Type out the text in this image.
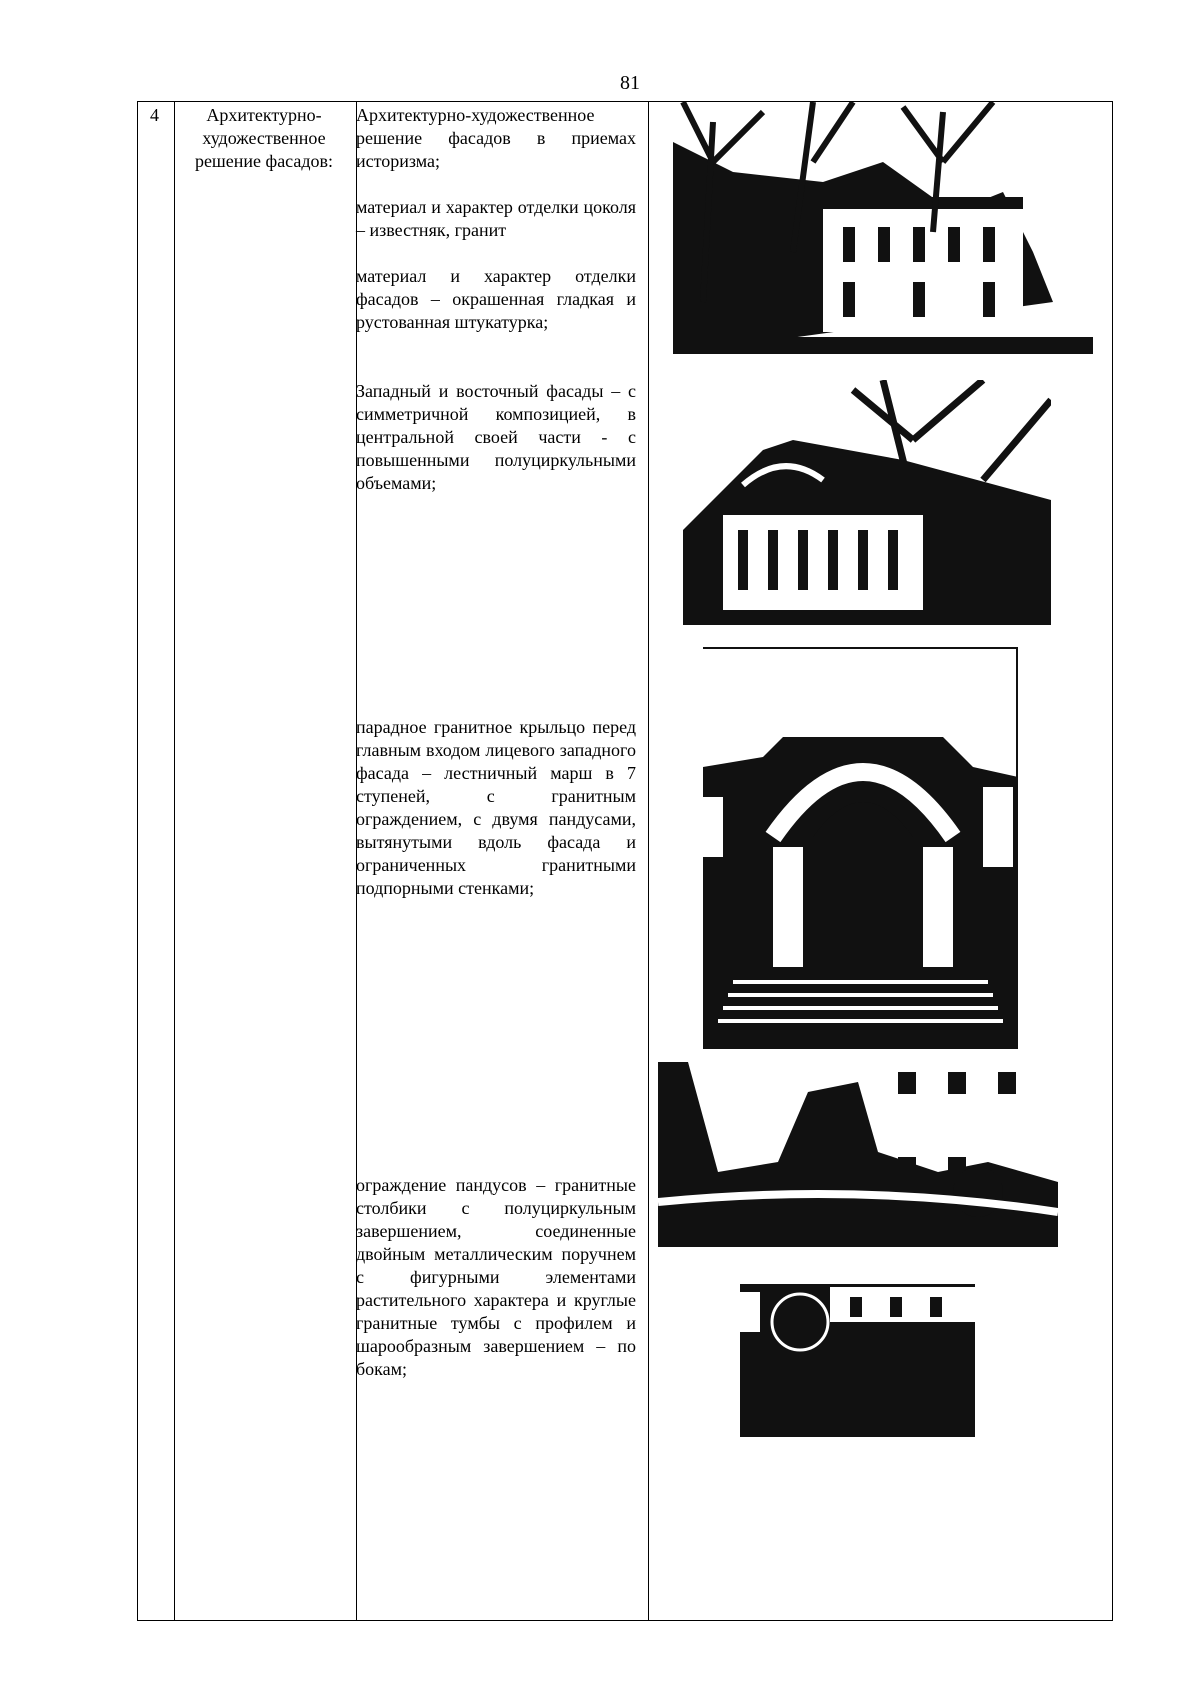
81
4	Архитектурно-художественное решение фасадов:

Архитектурно-художественное решение фасадов в приемах историзма;

материал и характер отделки цоколя – известняк, гранит

материал и характер отделки фасадов – окрашенная гладкая и рустованная штукатурка;

Западный и восточный фасады – с симметричной композицией, в центральной своей части - с повышенными полуциркульными объемами;

парадное гранитное крыльцо перед главным входом лицевого западного фасада – лестничный марш в 7 ступеней, с гранитным ограждением, с двумя пандусами, вытянутыми вдоль фасада и ограниченных гранитными подпорными стенками;

ограждение пандусов – гранитные столбики с полуциркульным завершением, соединенные двойным металлическим поручнем с фигурными элементами растительного характера и круглые гранитные тумбы с профилем и шарообразным завершением – по бокам;
